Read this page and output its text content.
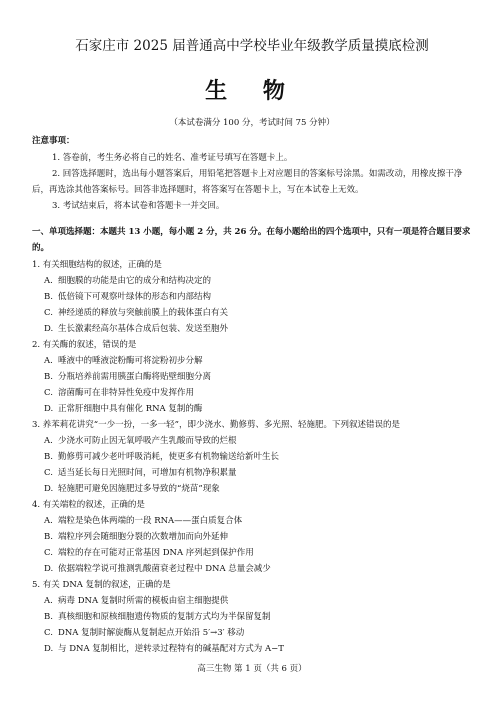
石家庄市 2025 届普通高中学校毕业年级教学质量摸底检测
生 物
（本试卷满分 100 分，考试时间 75 分钟）
注意事项：
1. 答卷前，考生务必将自己的姓名、准考证号填写在答题卡上。
2. 回答选择题时，选出每小题答案后，用铅笔把答题卡上对应题目的答案标号涂黑。如需改动，用橡皮擦干净后，再选涂其他答案标号。回答非选择题时，将答案写在答题卡上，写在本试卷上无效。
3. 考试结束后，将本试卷和答题卡一并交回。
一、单项选择题：本题共 13 小题，每小题 2 分，共 26 分。在每小题给出的四个选项中，只有一项是符合题目要求的。
1. 有关细胞结构的叙述，正确的是
A. 细胞膜的功能是由它的成分和结构决定的
B. 低倍镜下可观察叶绿体的形态和内部结构
C. 神经递质的释放与突触前膜上的载体蛋白有关
D. 生长激素经高尔基体合成后包装、发送至胞外
2. 有关酶的叙述，错误的是
A. 唾液中的唾液淀粉酶可将淀粉初步分解
B. 分瓶培养前需用胰蛋白酶将贴壁细胞分离
C. 溶菌酶可在非特异性免疫中发挥作用
D. 正常肝细胞中具有催化 RNA 复制的酶
3. 养苯莉花讲究“一少一扮，一多一轻”，即少浇水、勤修剪、多光照、轻施肥。下列叙述错误的是
A. 少浇水可防止因无氧呼吸产生乳酸而导致的烂根
B. 勤修剪可减少老叶呼吸消耗，使更多有机物输送给新叶生长
C. 适当延长每日光照时间，可增加有机物净积累量
D. 轻施肥可避免因施肥过多导致的“烧苗”现象
4. 有关端粒的叙述，正确的是
A. 端粒是染色体两端的一段 RNA——蛋白质复合体
B. 端粒序列会随细胞分裂的次数增加而向外延伸
C. 端粒的存在可能对正常基因 DNA 序列起到保护作用
D. 依据端粒学说可推测乳酸菌衰老过程中 DNA 总量会减少
5. 有关 DNA 复制的叙述，正确的是
A. 病毒 DNA 复制时所需的模板由宿主细胞提供
B. 真核细胞和原核细胞遗传物质的复制方式均为半保留复制
C. DNA 复制时解旋酶从复制起点开始沿 5′→3′ 移动
D. 与 DNA 复制相比，逆转录过程特有的碱基配对方式为 A−T
高三生物 第 1 页（共 6 页）
